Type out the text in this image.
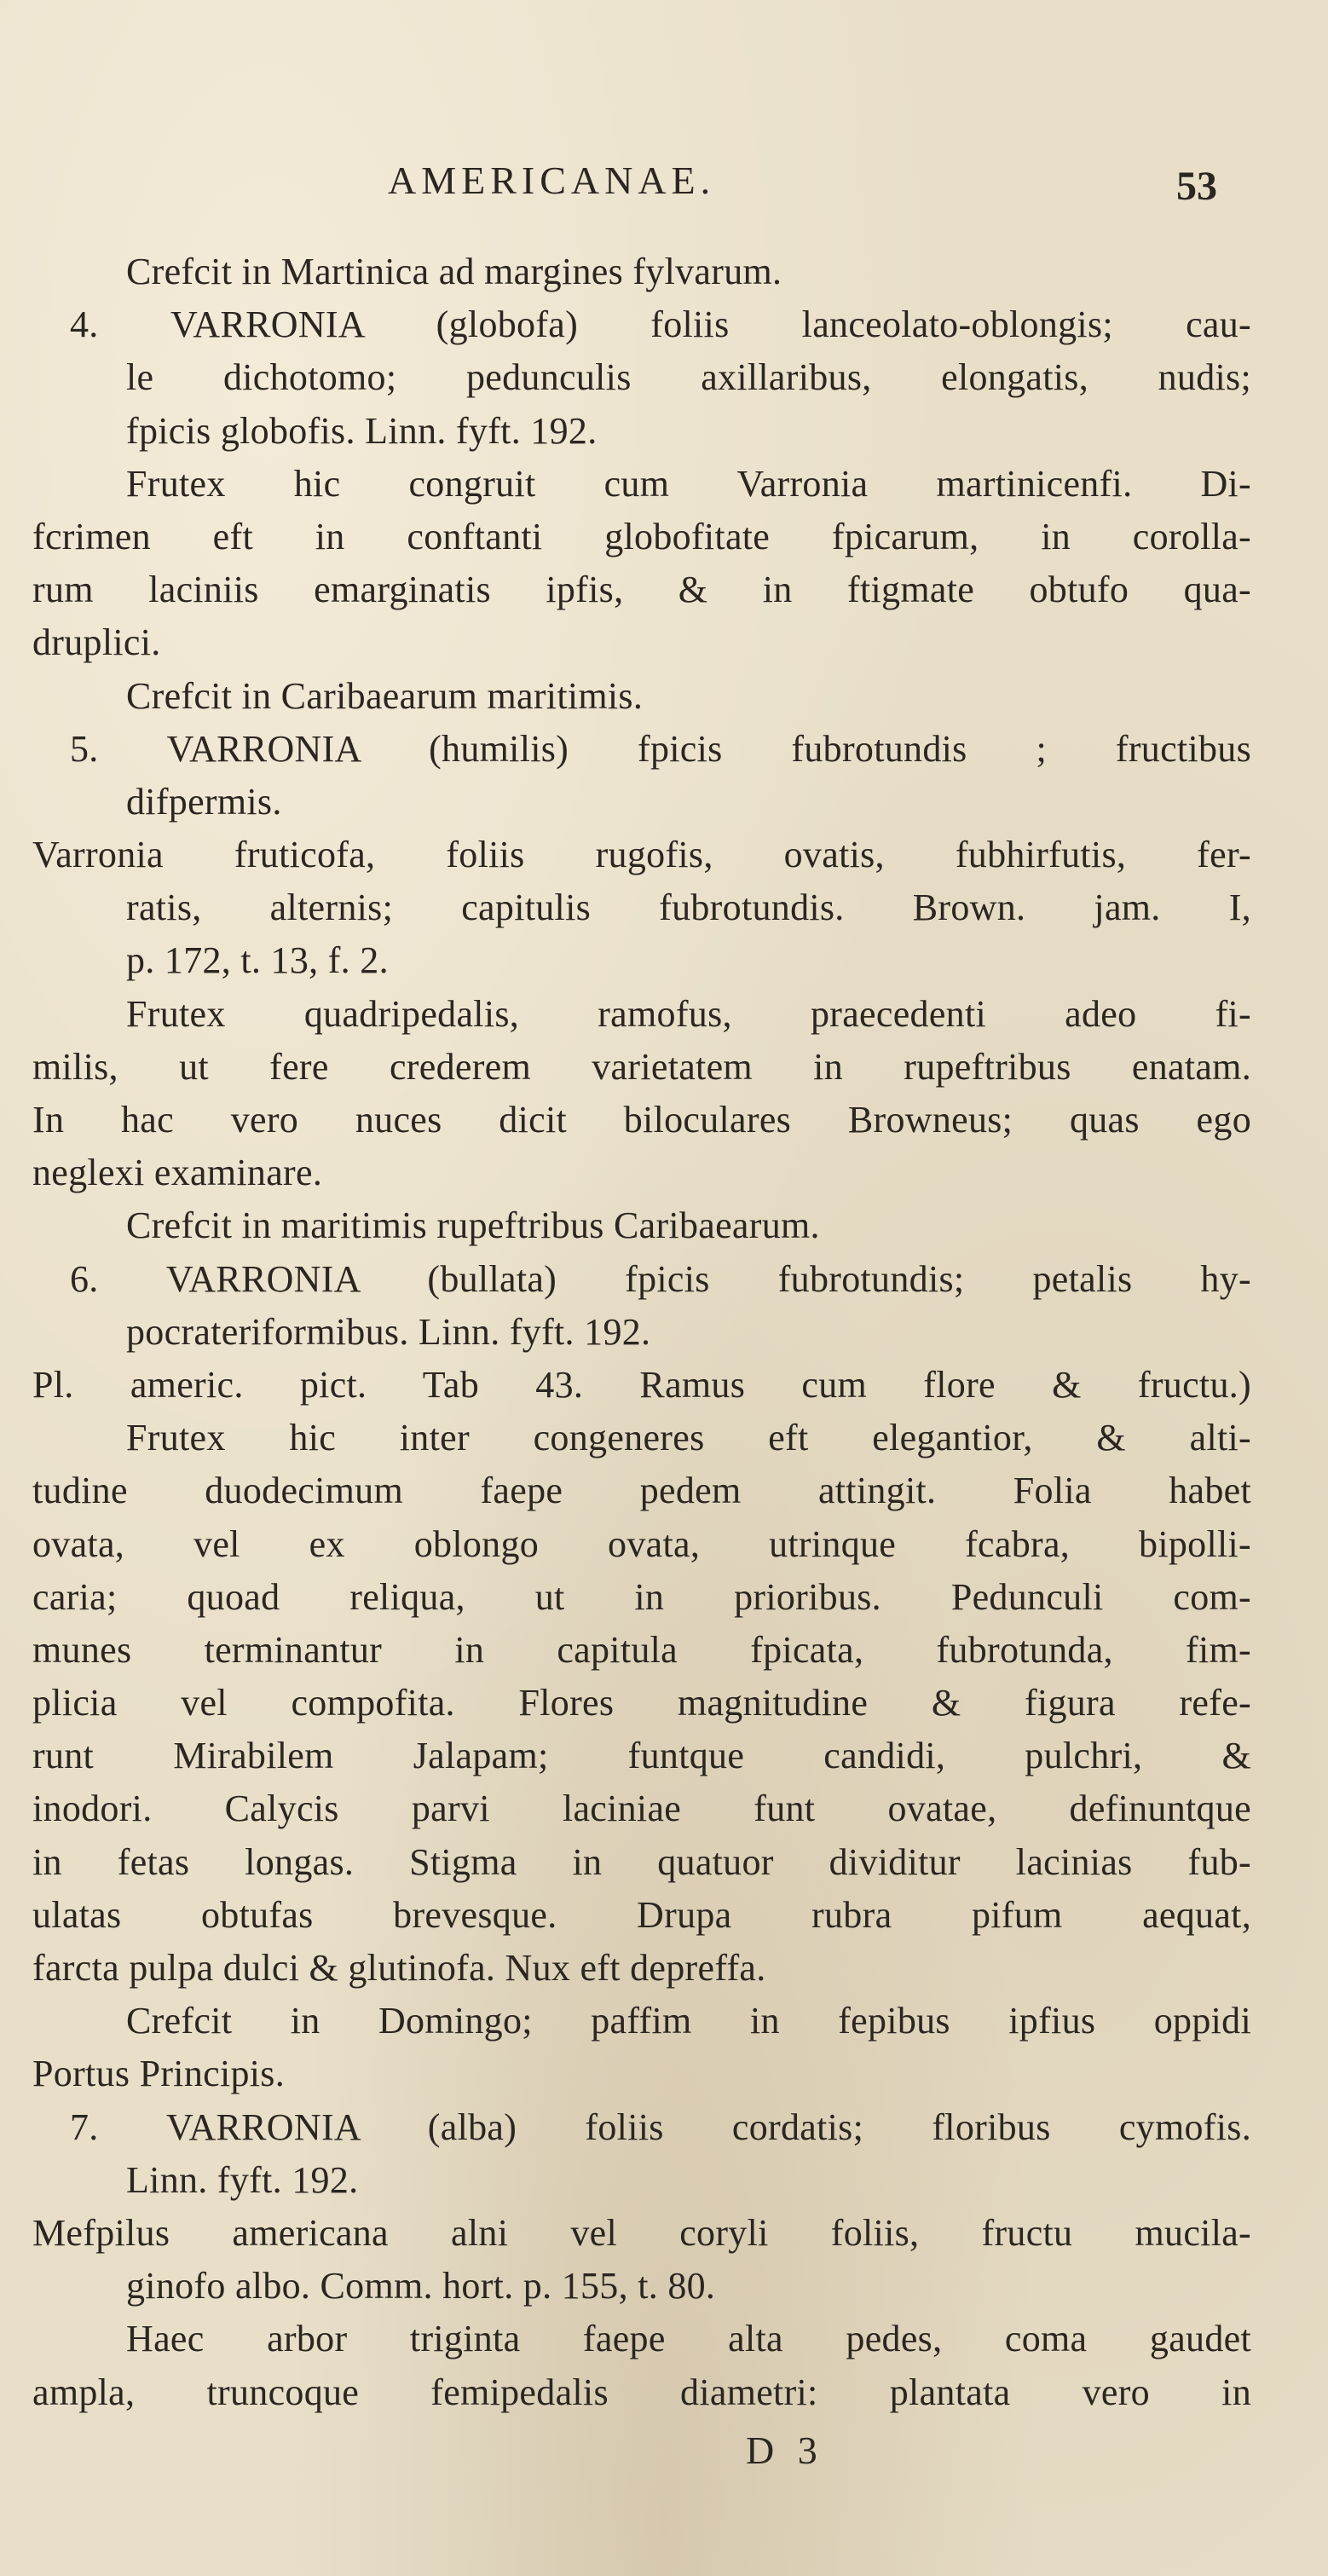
AMERICANAE.	53
Crefcit in Martinica ad margines fylvarum.
4. VARRONIA (globofa) foliis lanceolato-oblongis; cau-
le dichotomo; pedunculis axillaribus, elongatis, nudis;
fpicis globofis. Linn. fyft. 192.
Frutex hic congruit cum Varronia martinicenfi. Di-
fcrimen eft in conftanti globofitate fpicarum, in corolla-
rum laciniis emarginatis ipfis, & in ftigmate obtufo qua-
druplici.
Crefcit in Caribaearum maritimis.
5. VARRONIA (humilis) fpicis fubrotundis ; fructibus
difpermis.
Varronia fruticofa, foliis rugofis, ovatis, fubhirfutis, fer-
ratis, alternis; capitulis fubrotundis. Brown. jam. I,
p. 172, t. 13, f. 2.
Frutex quadripedalis, ramofus, praecedenti adeo fi-
milis, ut fere crederem varietatem in rupeftribus enatam.
In hac vero nuces dicit biloculares Browneus; quas ego
neglexi examinare.
Crefcit in maritimis rupeftribus Caribaearum.
6. VARRONIA (bullata) fpicis fubrotundis; petalis hy-
pocrateriformibus. Linn. fyft. 192.
Pl. americ. pict. Tab 43. Ramus cum flore & fructu.)
Frutex hic inter congeneres eft elegantior, & alti-
tudine duodecimum faepe pedem attingit. Folia habet
ovata, vel ex oblongo ovata, utrinque fcabra, bipolli-
caria; quoad reliqua, ut in prioribus. Pedunculi com-
munes terminantur in capitula fpicata, fubrotunda, fim-
plicia vel compofita. Flores magnitudine & figura refe-
runt Mirabilem Jalapam; funtque candidi, pulchri, &
inodori. Calycis parvi laciniae funt ovatae, definuntque
in fetas longas. Stigma in quatuor dividitur lacinias fub-
ulatas obtufas brevesque. Drupa rubra pifum aequat,
farcta pulpa dulci & glutinofa. Nux eft depreffa.
Crefcit in Domingo; paffim in fepibus ipfius oppidi
Portus Principis.
7. VARRONIA (alba) foliis cordatis; floribus cymofis.
Linn. fyft. 192.
Mefpilus americana alni vel coryli foliis, fructu mucila-
ginofo albo. Comm. hort. p. 155, t. 80.
Haec arbor triginta faepe alta pedes, coma gaudet
ampla, truncoque femipedalis diametri: plantata vero in
D 3
